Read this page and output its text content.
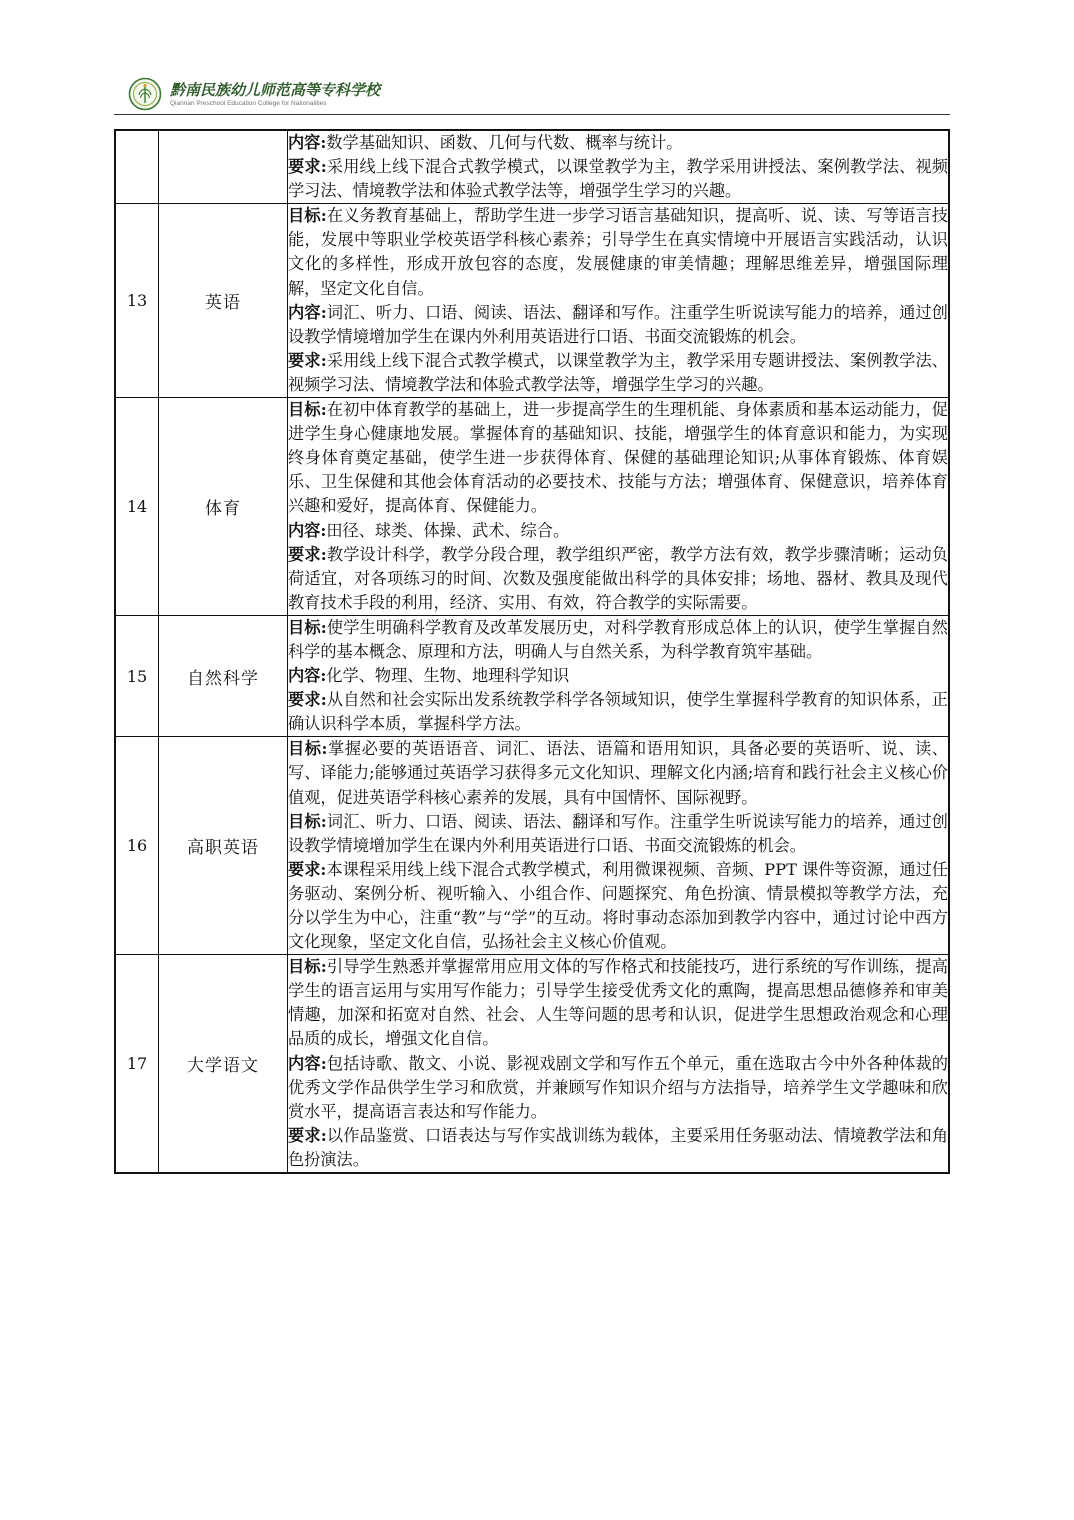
黔南民族幼儿师范高等专科学校
Qiannan Preschool Education College for Nationalities

		内容:数学基础知识、函数、几何与代数、概率与统计。

要求:采用线上线下混合式教学模式，以课堂教学为主，教学采用讲授法、案例教学法、视频学习法、情境教学法和体验式教学法等，增强学生学习的兴趣。

13	英语	目标:在义务教育基础上，帮助学生进一步学习语言基础知识，提高听、说、读、写等语言技能，发展中等职业学校英语学科核心素养；引导学生在真实情境中开展语言实践活动，认识文化的多样性，形成开放包容的态度，发展健康的审美情趣；理解思维差异，增强国际理解，坚定文化自信。

内容:词汇、听力、口语、阅读、语法、翻译和写作。注重学生听说读写能力的培养，通过创设教学情境增加学生在课内外利用英语进行口语、书面交流锻炼的机会。

要求:采用线上线下混合式教学模式，以课堂教学为主，教学采用专题讲授法、案例教学法、视频学习法、情境教学法和体验式教学法等，增强学生学习的兴趣。

14	体育	目标:在初中体育教学的基础上，进一步提高学生的生理机能、身体素质和基本运动能力，促进学生身心健康地发展。掌握体育的基础知识、技能，增强学生的体育意识和能力，为实现终身体育奠定基础，使学生进一步获得体育、保健的基础理论知识;从事体育锻炼、体育娱乐、卫生保健和其他会体育活动的必要技术、技能与方法；增强体育、保健意识，培养体育兴趣和爱好，提高体育、保健能力。

内容:田径、球类、体操、武术、综合。

要求:教学设计科学，教学分段合理，教学组织严密，教学方法有效，教学步骤清晰；运动负荷适宜，对各项练习的时间、次数及强度能做出科学的具体安排；场地、器材、教具及现代教育技术手段的利用，经济、实用、有效，符合教学的实际需要。

15	自然科学	目标:使学生明确科学教育及改革发展历史，对科学教育形成总体上的认识，使学生掌握自然科学的基本概念、原理和方法，明确人与自然关系，为科学教育筑牢基础。

内容:化学、物理、生物、地理科学知识

要求:从自然和社会实际出发系统教学科学各领域知识，使学生掌握科学教育的知识体系，正确认识科学本质，掌握科学方法。

16	高职英语	目标:掌握必要的英语语音、词汇、语法、语篇和语用知识，具备必要的英语听、说、读、写、译能力;能够通过英语学习获得多元文化知识、理解文化内涵;培育和践行社会主义核心价值观，促进英语学科核心素养的发展，具有中国情怀、国际视野。

目标:词汇、听力、口语、阅读、语法、翻译和写作。注重学生听说读写能力的培养，通过创设教学情境增加学生在课内外利用英语进行口语、书面交流锻炼的机会。

要求:本课程采用线上线下混合式教学模式，利用微课视频、音频、PPT 课件等资源，通过任务驱动、案例分析、视听输入、小组合作、问题探究、角色扮演、情景模拟等教学方法，充分以学生为中心，注重“教”与“学”的互动。将时事动态添加到教学内容中，通过讨论中西方文化现象，坚定文化自信，弘扬社会主义核心价值观。

17	大学语文	目标:引导学生熟悉并掌握常用应用文体的写作格式和技能技巧，进行系统的写作训练，提高学生的语言运用与实用写作能力；引导学生接受优秀文化的熏陶，提高思想品德修养和审美情趣，加深和拓宽对自然、社会、人生等问题的思考和认识，促进学生思想政治观念和心理品质的成长，增强文化自信。

内容:包括诗歌、散文、小说、影视戏剧文学和写作五个单元，重在选取古今中外各种体裁的优秀文学作品供学生学习和欣赏，并兼顾写作知识介绍与方法指导，培养学生文学趣味和欣赏水平，提高语言表达和写作能力。

要求:以作品鉴赏、口语表达与写作实战训练为载体，主要采用任务驱动法、情境教学法和角色扮演法。
